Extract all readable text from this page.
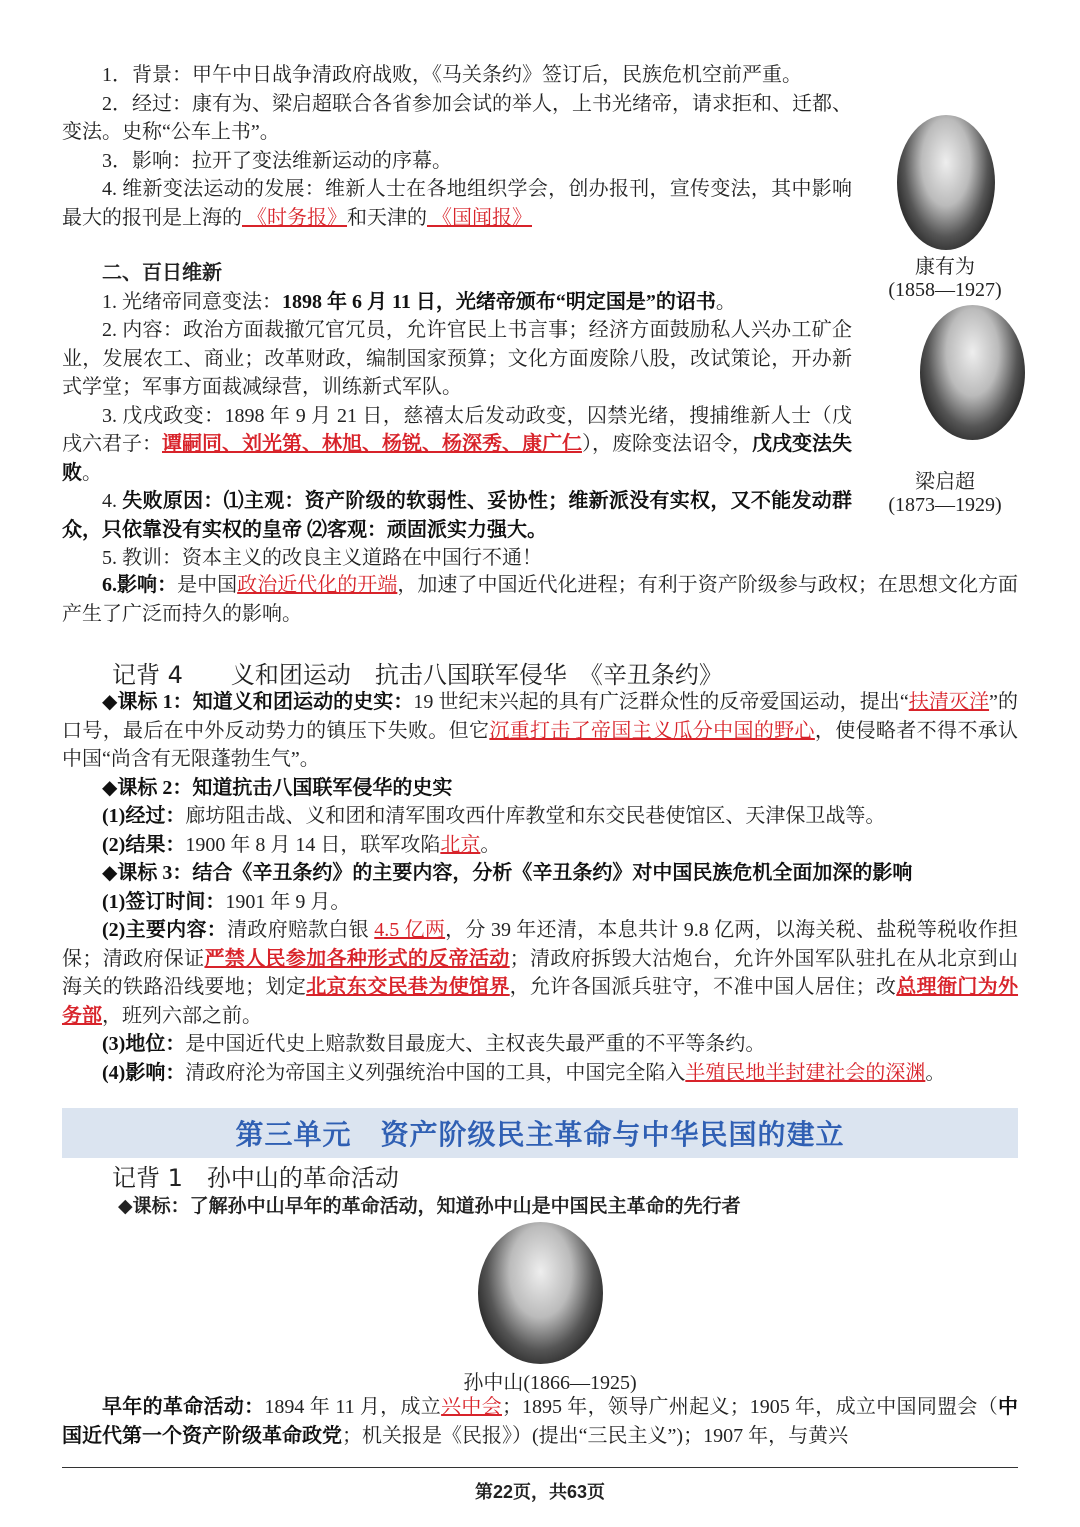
1．背景：甲午中日战争清政府战败，《马关条约》签订后，民族危机空前严重。

2．经过：康有为、梁启超联合各省参加会试的举人，上书光绪帝，请求拒和、迁都、变法。史称“公车上书”。

3．影响：拉开了变法维新运动的序幕。

4. 维新变法运动的发展：维新人士在各地组织学会，创办报刊，宣传变法，其中影响最大的报刊是上海的 《时务报》和天津的 《国闻报》

二、百日维新

1. 光绪帝同意变法：1898 年 6 月 11 日，光绪帝颁布“明定国是”的诏书。

2. 内容：政治方面裁撤冗官冗员，允许官民上书言事；经济方面鼓励私人兴办工矿企业，发展农工、商业；改革财政，编制国家预算；文化方面废除八股，改试策论，开办新式学堂；军事方面裁减绿营，训练新式军队。

3. 戊戌政变：1898 年 9 月 21 日，慈禧太后发动政变，囚禁光绪，搜捕维新人士（戊戌六君子：谭嗣同、刘光第、林旭、杨锐、杨深秀、康广仁），废除变法诏令，戊戌变法失败。

4. 失败原因：⑴主观：资产阶级的软弱性、妥协性；维新派没有实权，又不能发动群众，只依靠没有实权的皇帝 ⑵客观：顽固派实力强大。

5. 教训：资本主义的改良主义道路在中国行不通！

6.影响：是中国政治近代化的开端，加速了中国近代化进程；有利于资产阶级参与政权；在思想文化方面产生了广泛而持久的影响。

康有为
(1858—1927)
梁启超
(1873—1929)
记背 4　　义和团运动　抗击八国联军侵华　《辛丑条约》

◆课标 1：知道义和团运动的史实：19 世纪末兴起的具有广泛群众性的反帝爱国运动，提出“扶清灭洋”的口号，最后在中外反动势力的镇压下失败。但它沉重打击了帝国主义瓜分中国的野心，使侵略者不得不承认中国“尚含有无限蓬勃生气”。

◆课标 2：知道抗击八国联军侵华的史实

(1)经过：廊坊阻击战、义和团和清军围攻西什库教堂和东交民巷使馆区、天津保卫战等。

(2)结果：1900 年 8 月 14 日，联军攻陷北京。

◆课标 3：结合《辛丑条约》的主要内容，分析《辛丑条约》对中国民族危机全面加深的影响

(1)签订时间：1901 年 9 月。

(2)主要内容：清政府赔款白银 4.5 亿两，分 39 年还清，本息共计 9.8 亿两，以海关税、盐税等税收作担保；清政府保证严禁人民参加各种形式的反帝活动；清政府拆毁大沽炮台，允许外国军队驻扎在从北京到山海关的铁路沿线要地；划定北京东交民巷为使馆界，允许各国派兵驻守，不准中国人居住；改总理衙门为外务部，班列六部之前。

(3)地位：是中国近代史上赔款数目最庞大、主权丧失最严重的不平等条约。

(4)影响：清政府沦为帝国主义列强统治中国的工具，中国完全陷入半殖民地半封建社会的深渊。

第三单元　资产阶级民主革命与中华民国的建立
记背 1　孙中山的革命活动
◆课标：了解孙中山早年的革命活动，知道孙中山是中国民主革命的先行者
孙中山(1866—1925)

早年的革命活动：1894 年 11 月，成立兴中会；1895 年，领导广州起义；1905 年，成立中国同盟会（中国近代第一个资产阶级革命政党；机关报是《民报》）(提出“三民主义”)；1907 年，与黄兴

第22页，共63页
